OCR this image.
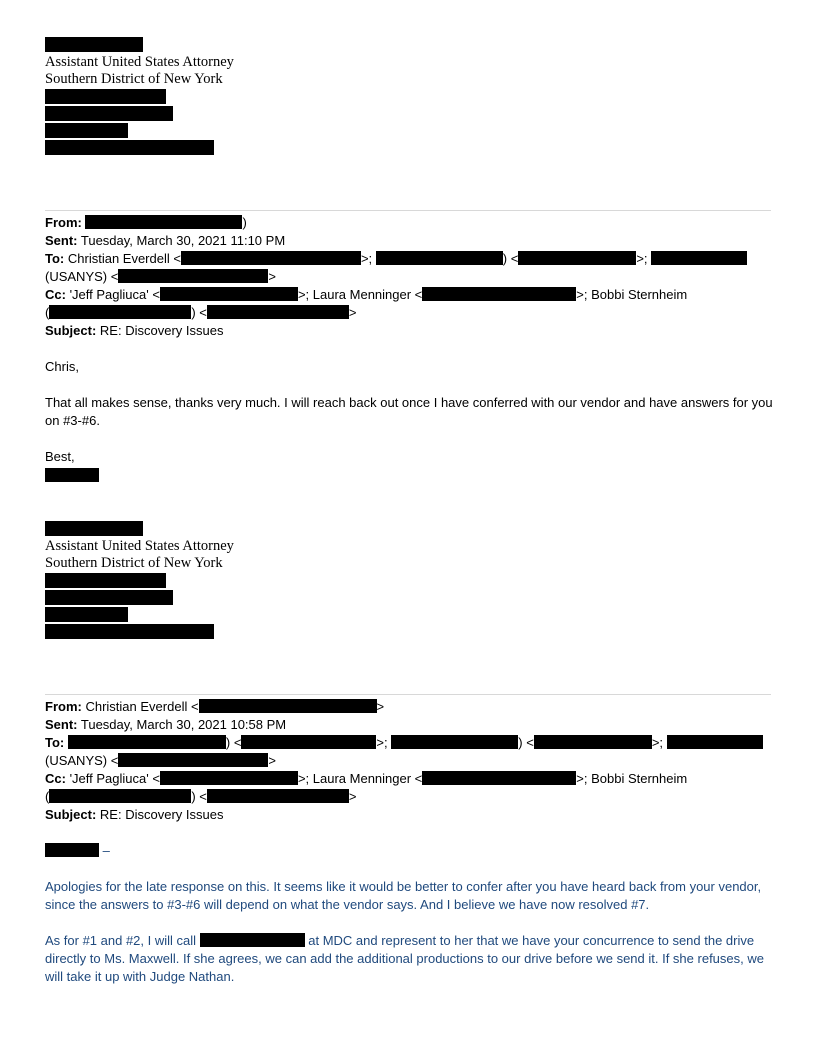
Assistant United States Attorney
Southern District of New York
From:	)
Sent: Tuesday, March 30, 2021 11:10 PM
To: Christian Everdell <	>;	) <	>;
(USANYS) <	>
Cc: 'Jeff Pagliuca' <	>; Laura Menninger <	>; Bobbi Sternheim
(	) <	>
Subject: RE: Discovery Issues
Chris,
That all makes sense, thanks very much. I will reach back out once I have conferred with our vendor and have answers for you on #3-#6.
Best,
Assistant United States Attorney
Southern District of New York
From: Christian Everdell <	>
Sent: Tuesday, March 30, 2021 10:58 PM
To:	) <	>;	) <	>;
(USANYS) <	>
Cc: 'Jeff Pagliuca' <	>; Laura Menninger <	>; Bobbi Sternheim
(	) <	>
Subject: RE: Discovery Issues
–
Apologies for the late response on this. It seems like it would be better to confer after you have heard back from your vendor, since the answers to #3-#6 will depend on what the vendor says. And I believe we have now resolved #7.
As for #1 and #2, I will call	at MDC and represent to her that we have your concurrence to send the drive directly to Ms. Maxwell. If she agrees, we can add the additional productions to our drive before we send it. If she refuses, we will take it up with Judge Nathan.
